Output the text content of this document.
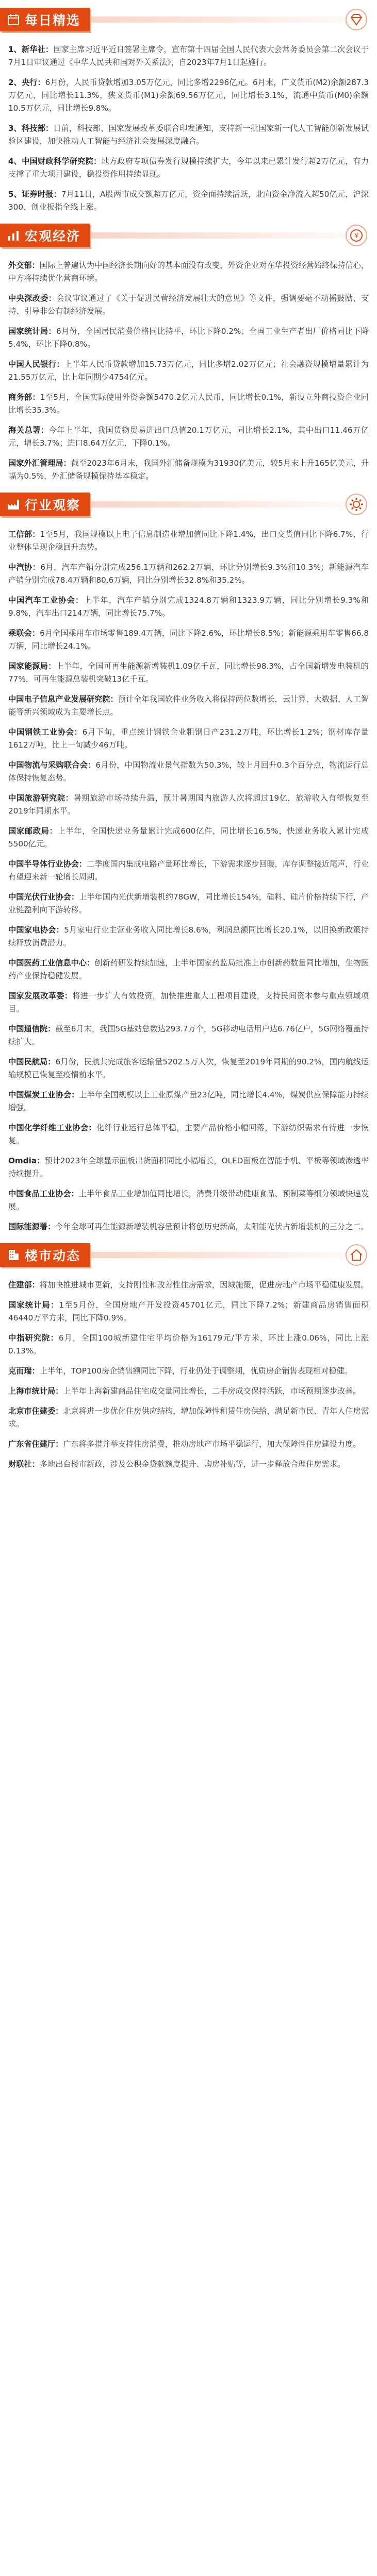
每日精选
1、新华社：国家主席习近平近日签署主席令，宣布第十四届全国人民代表大会常务委员会第二次会议于7月1日审议通过《中华人民共和国对外关系法》，自2023年7月1日起施行。
2、央行：6月份，人民币贷款增加3.05万亿元，同比多增2296亿元。6月末，广义货币(M2)余额287.3万亿元，同比增长11.3%，狭义货币(M1)余额69.56万亿元，同比增长3.1%，流通中货币(M0)余额10.5万亿元，同比增长9.8%。
3、科技部：日前，科技部、国家发展改革委联合印发通知，支持新一批国家新一代人工智能创新发展试验区建设，加快推动人工智能与经济社会发展深度融合。
4、中国财政科学研究院：地方政府专项债券发行规模持续扩大，今年以来已累计发行超2万亿元，有力支撑了重大项目建设，稳投资作用持续显现。
5、证券时报：7月11日，A股两市成交额超万亿元，资金面持续活跃，北向资金净流入超50亿元，沪深300、创业板指全线上涨。
宏观经济	¥
外交部：国际上普遍认为中国经济长期向好的基本面没有改变，外资企业对在华投资经营始终保持信心，中方将持续优化营商环境。
中央深改委：会议审议通过了《关于促进民营经济发展壮大的意见》等文件，强调要毫不动摇鼓励、支持、引导非公有制经济发展。
国家统计局：6月份，全国居民消费价格同比持平，环比下降0.2%；全国工业生产者出厂价格同比下降5.4%，环比下降0.8%。
中国人民银行：上半年人民币贷款增加15.73万亿元，同比多增2.02万亿元；社会融资规模增量累计为21.55万亿元，比上年同期少4754亿元。
商务部：1至5月，全国实际使用外资金额5470.2亿元人民币，同比增长0.1%，新设立外商投资企业同比增长35.3%。
海关总署：今年上半年，我国货物贸易进出口总值20.1万亿元，同比增长2.1%，其中出口11.46万亿元，增长3.7%；进口8.64万亿元，下降0.1%。
国家外汇管理局：截至2023年6月末，我国外汇储备规模为31930亿美元，较5月末上升165亿美元，升幅为0.5%，外汇储备规模保持基本稳定。
行业观察
工信部：1至5月，我国规模以上电子信息制造业增加值同比下降1.4%，出口交货值同比下降6.7%，行业整体呈现企稳回升态势。
中汽协：6月，汽车产销分别完成256.1万辆和262.2万辆，环比分别增长9.3%和10.3%；新能源汽车产销分别完成78.4万辆和80.6万辆，同比分别增长32.8%和35.2%。
中国汽车工业协会：上半年，汽车产销分别完成1324.8万辆和1323.9万辆，同比分别增长9.3%和9.8%，汽车出口214万辆，同比增长75.7%。
乘联会：6月全国乘用车市场零售189.4万辆，同比下降2.6%，环比增长8.5%；新能源乘用车零售66.8万辆，同比增长24.1%。
国家能源局：上半年，全国可再生能源新增装机1.09亿千瓦，同比增长98.3%，占全国新增发电装机的77%，可再生能源总装机突破13亿千瓦。
中国电子信息产业发展研究院：预计全年我国软件业务收入将保持两位数增长，云计算、大数据、人工智能等新兴领域成为主要增长点。
中国钢铁工业协会：6月下旬，重点统计钢铁企业粗钢日产231.2万吨，环比增长1.2%；钢材库存量1612万吨，比上一旬减少46万吨。
中国物流与采购联合会：6月份，中国物流业景气指数为50.3%，较上月回升0.3个百分点，物流运行总体保持恢复态势。
中国旅游研究院：暑期旅游市场持续升温，预计暑期国内旅游人次将超过19亿，旅游收入有望恢复至2019年同期水平。
国家邮政局：上半年，全国快递业务量累计完成600亿件，同比增长16.5%，快递业务收入累计完成5500亿元。
中国半导体行业协会：二季度国内集成电路产量环比增长，下游需求逐步回暖，库存调整接近尾声，行业有望迎来新一轮增长周期。
中国光伏行业协会：上半年国内光伏新增装机约78GW，同比增长154%，硅料、硅片价格持续下行，产业链盈利向下游转移。
中国家电协会：5月家电行业主营业务收入同比增长8.6%，利润总额同比增长20.1%，以旧换新政策持续释放消费潜力。
中国医药工业信息中心：创新药研发持续加速，上半年国家药监局批准上市创新药数量同比增加，生物医药产业保持稳健发展。
国家发展改革委：将进一步扩大有效投资，加快推进重大工程项目建设，支持民间资本参与重点领域项目。
中国通信院：截至6月末，我国5G基站总数达293.7万个，5G移动电话用户达6.76亿户，5G网络覆盖持续扩大。
中国民航局：6月份，民航共完成旅客运输量5202.5万人次，恢复至2019年同期的90.2%，国内航线运输规模已恢复至疫情前水平。
中国煤炭工业协会：上半年全国规模以上工业原煤产量23亿吨，同比增长4.4%，煤炭供应保障能力持续增强。
中国化学纤维工业协会：化纤行业运行总体平稳，主要产品价格小幅回落，下游纺织需求有待进一步恢复。
Omdia：预计2023年全球显示面板出货面积同比小幅增长，OLED面板在智能手机、平板等领域渗透率持续提升。
中国食品工业协会：上半年食品工业增加值同比增长，消费升级带动健康食品、预制菜等细分领域快速发展。
国际能源署：今年全球可再生能源新增装机容量预计将创历史新高，太阳能光伏占新增装机的三分之二。
楼市动态
住建部：将加快推进城市更新，支持刚性和改善性住房需求，因城施策，促进房地产市场平稳健康发展。
国家统计局：1至5月份，全国房地产开发投资45701亿元，同比下降7.2%；新建商品房销售面积46440万平方米，同比下降0.9%。
中指研究院：6月，全国100城新建住宅平均价格为16179元/平方米，环比上涨0.06%，同比上涨0.13%。
克而瑞：上半年，TOP100房企销售额同比下降，行业仍处于调整期，优质房企销售表现相对稳健。
上海市统计局：上半年上海新建商品住宅成交量同比增长，二手房成交保持活跃，市场预期逐步改善。
北京市住建委：北京将进一步优化住房供应结构，增加保障性租赁住房供给，满足新市民、青年人住房需求。
广东省住建厅：广东将多措并举支持住房消费，推动房地产市场平稳运行，加大保障性住房建设力度。
财联社：多地出台楼市新政，涉及公积金贷款额度提升、购房补贴等，进一步释放合理住房需求。
